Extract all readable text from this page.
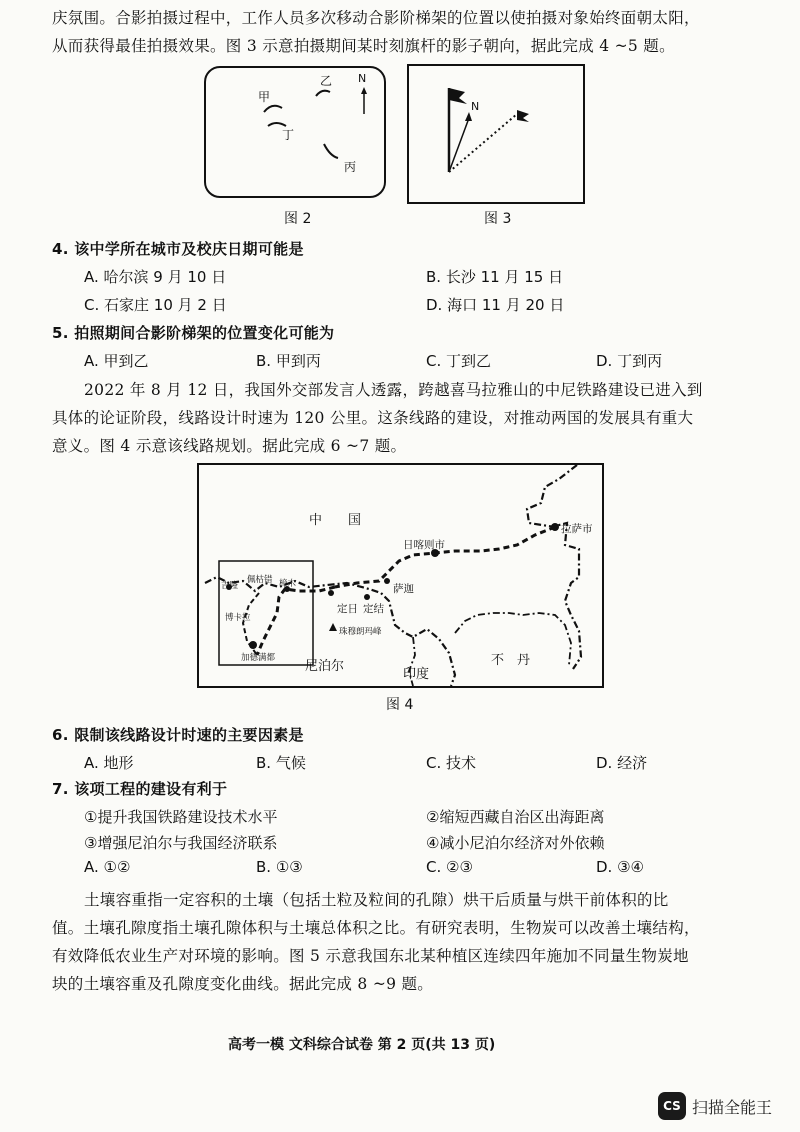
庆氛围。合影拍摄过程中，工作人员多次移动合影阶梯架的位置以使拍摄对象始终面朝太阳，
从而获得最佳拍摄效果。图 3 示意拍摄期间某时刻旗杆的影子朝向，据此完成 4 ~5 题。
甲
乙
丙
丁
N
图 2
N
图 3
4. 该中学所在城市及校庆日期可能是
A. 哈尔滨 9 月 10 日	B. 长沙 11 月 15 日
C. 石家庄 10 月 2 日	D. 海口 11 月 20 日
5. 拍照期间合影阶梯架的位置变化可能为
A. 甲到乙	B. 甲到丙	C. 丁到乙	D. 丁到丙
2022 年 8 月 12 日，我国外交部发言人透露，跨越喜马拉雅山的中尼铁路建设已进入到
具体的论证阶段，线路设计时速为 120 公里。这条线路的建设，对推动两国的发展具有重大
意义。图 4 示意该线路规划。据此完成 6 ~7 题。
中　　国
拉萨市
日喀则市
萨迦
定日 定结
珠穆朗玛峰
尼泊尔
印度
不　丹
佩枯错
吉隆	樟木
博卡拉
加德满都
图 4
6. 限制该线路设计时速的主要因素是
A. 地形	B. 气候	C. 技术	D. 经济
7. 该项工程的建设有利于
①提升我国铁路建设技术水平	②缩短西藏自治区出海距离
③增强尼泊尔与我国经济联系	④减小尼泊尔经济对外依赖
A. ①②	B. ①③	C. ②③	D. ③④
土壤容重指一定容积的土壤（包括土粒及粒间的孔隙）烘干后质量与烘干前体积的比
值。土壤孔隙度指土壤孔隙体积与土壤总体积之比。有研究表明，生物炭可以改善土壤结构，
有效降低农业生产对环境的影响。图 5 示意我国东北某种植区连续四年施加不同量生物炭地
块的土壤容重及孔隙度变化曲线。据此完成 8 ~9 题。
高考一模 文科综合试卷 第 2 页(共 13 页)
CS 扫描全能王
